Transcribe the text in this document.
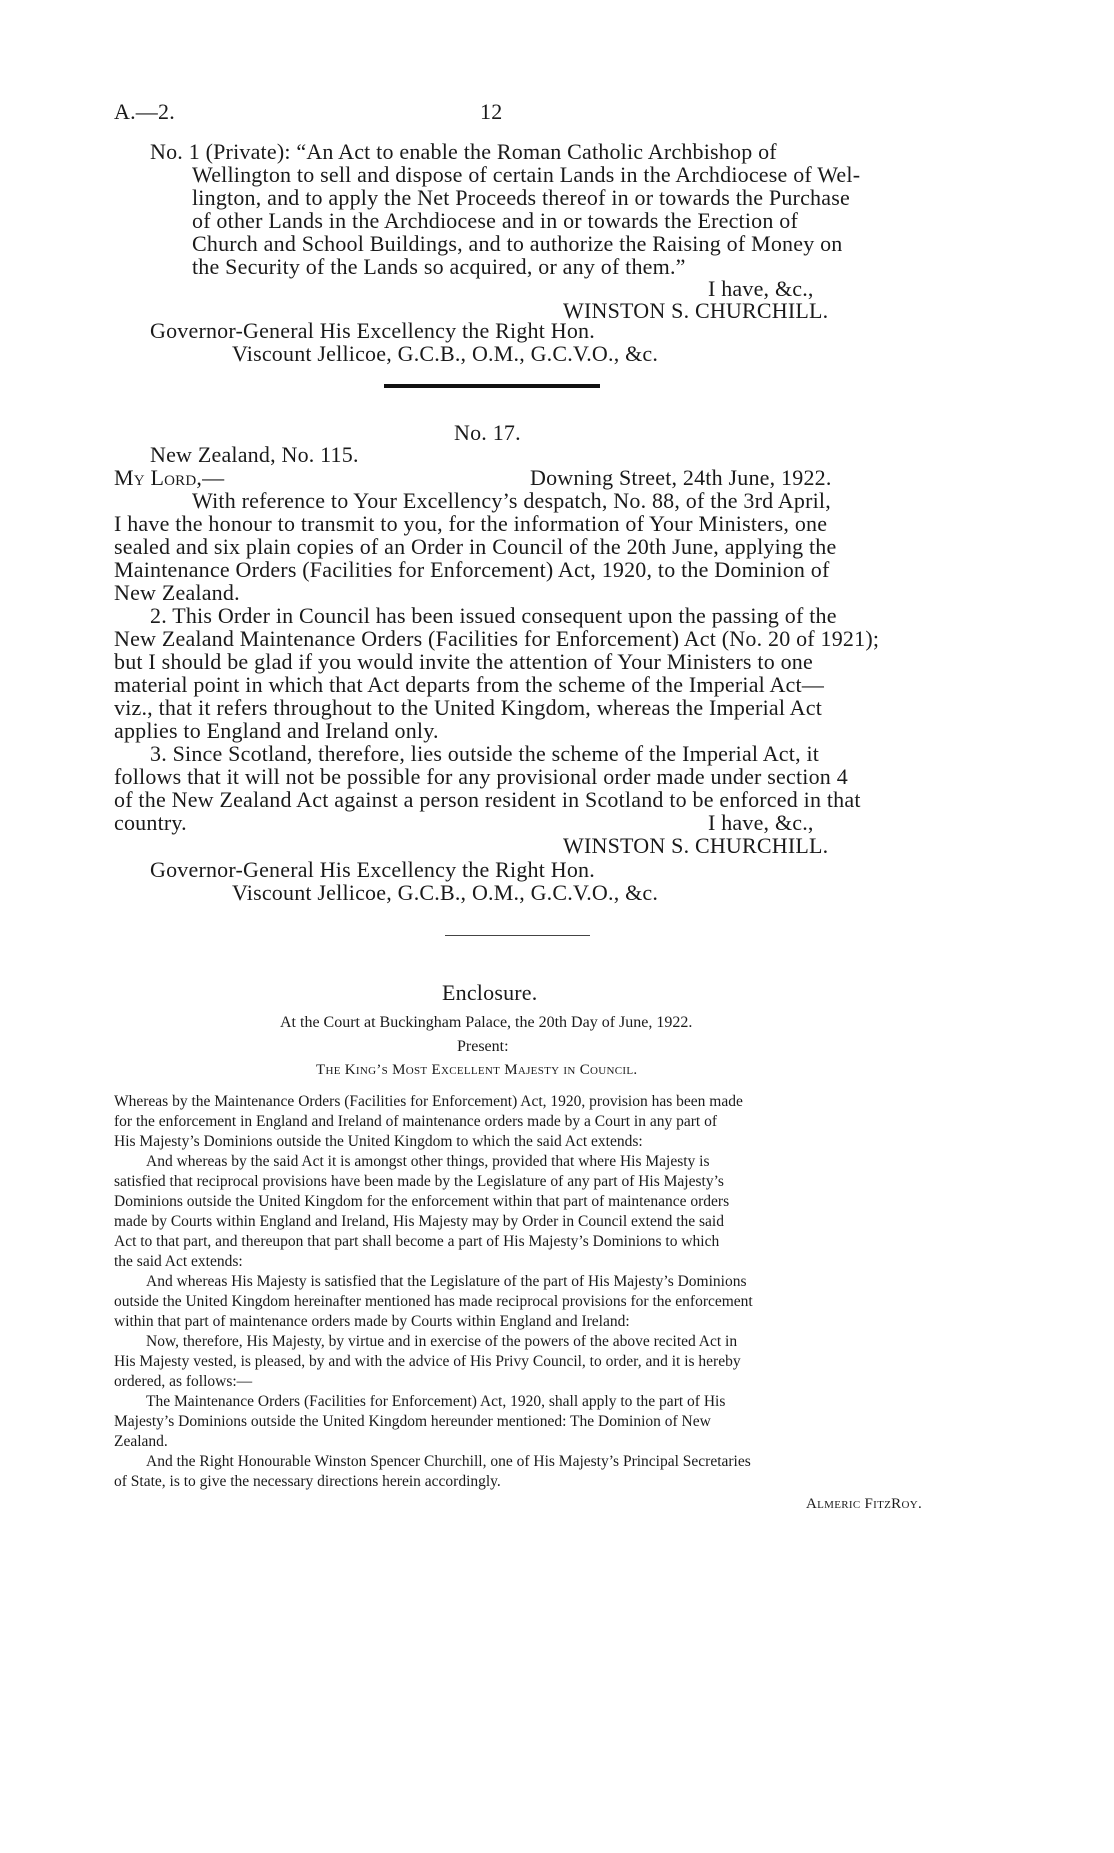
A.—2.	12
No. 1 (Private): “An Act to enable the Roman Catholic Archbishop of
Wellington to sell and dispose of certain Lands in the Archdiocese of Wel-
lington, and to apply the Net Proceeds thereof in or towards the Purchase
of other Lands in the Archdiocese and in or towards the Erection of
Church and School Buildings, and to authorize the Raising of Money on
the Security of the Lands so acquired, or any of them.”
I have, &c.,
WINSTON S. CHURCHILL.
Governor-General His Excellency the Right Hon.
Viscount Jellicoe, G.C.B., O.M., G.C.V.O., &c.
No. 17.
New Zealand, No. 115.
My Lord,—	Downing Street, 24th June, 1922.
With reference to Your Excellency’s despatch, No. 88, of the 3rd April,
I have the honour to transmit to you, for the information of Your Ministers, one
sealed and six plain copies of an Order in Council of the 20th June, applying the
Maintenance Orders (Facilities for Enforcement) Act, 1920, to the Dominion of
New Zealand.
2. This Order in Council has been issued consequent upon the passing of the
New Zealand Maintenance Orders (Facilities for Enforcement) Act (No. 20 of 1921);
but I should be glad if you would invite the attention of Your Ministers to one
material point in which that Act departs from the scheme of the Imperial Act—
viz., that it refers throughout to the United Kingdom, whereas the Imperial Act
applies to England and Ireland only.
3. Since Scotland, therefore, lies outside the scheme of the Imperial Act, it
follows that it will not be possible for any provisional order made under section 4
of the New Zealand Act against a person resident in Scotland to be enforced in that
country.	I have, &c.,
WINSTON S. CHURCHILL.
Governor-General His Excellency the Right Hon.
Viscount Jellicoe, G.C.B., O.M., G.C.V.O., &c.
Enclosure.
At the Court at Buckingham Palace, the 20th Day of June, 1922.
Present:
The King’s Most Excellent Majesty in Council.
Whereas by the Maintenance Orders (Facilities for Enforcement) Act, 1920, provision has been made
for the enforcement in England and Ireland of maintenance orders made by a Court in any part of
His Majesty’s Dominions outside the United Kingdom to which the said Act extends:
And whereas by the said Act it is amongst other things, provided that where His Majesty is
satisfied that reciprocal provisions have been made by the Legislature of any part of His Majesty’s
Dominions outside the United Kingdom for the enforcement within that part of maintenance orders
made by Courts within England and Ireland, His Majesty may by Order in Council extend the said
Act to that part, and thereupon that part shall become a part of His Majesty’s Dominions to which
the said Act extends:
And whereas His Majesty is satisfied that the Legislature of the part of His Majesty’s Dominions
outside the United Kingdom hereinafter mentioned has made reciprocal provisions for the enforcement
within that part of maintenance orders made by Courts within England and Ireland:
Now, therefore, His Majesty, by virtue and in exercise of the powers of the above recited Act in
His Majesty vested, is pleased, by and with the advice of His Privy Council, to order, and it is hereby
ordered, as follows:—
The Maintenance Orders (Facilities for Enforcement) Act, 1920, shall apply to the part of His
Majesty’s Dominions outside the United Kingdom hereunder mentioned: The Dominion of New
Zealand.
And the Right Honourable Winston Spencer Churchill, one of His Majesty’s Principal Secretaries
of State, is to give the necessary directions herein accordingly.
Almeric FitzRoy.
